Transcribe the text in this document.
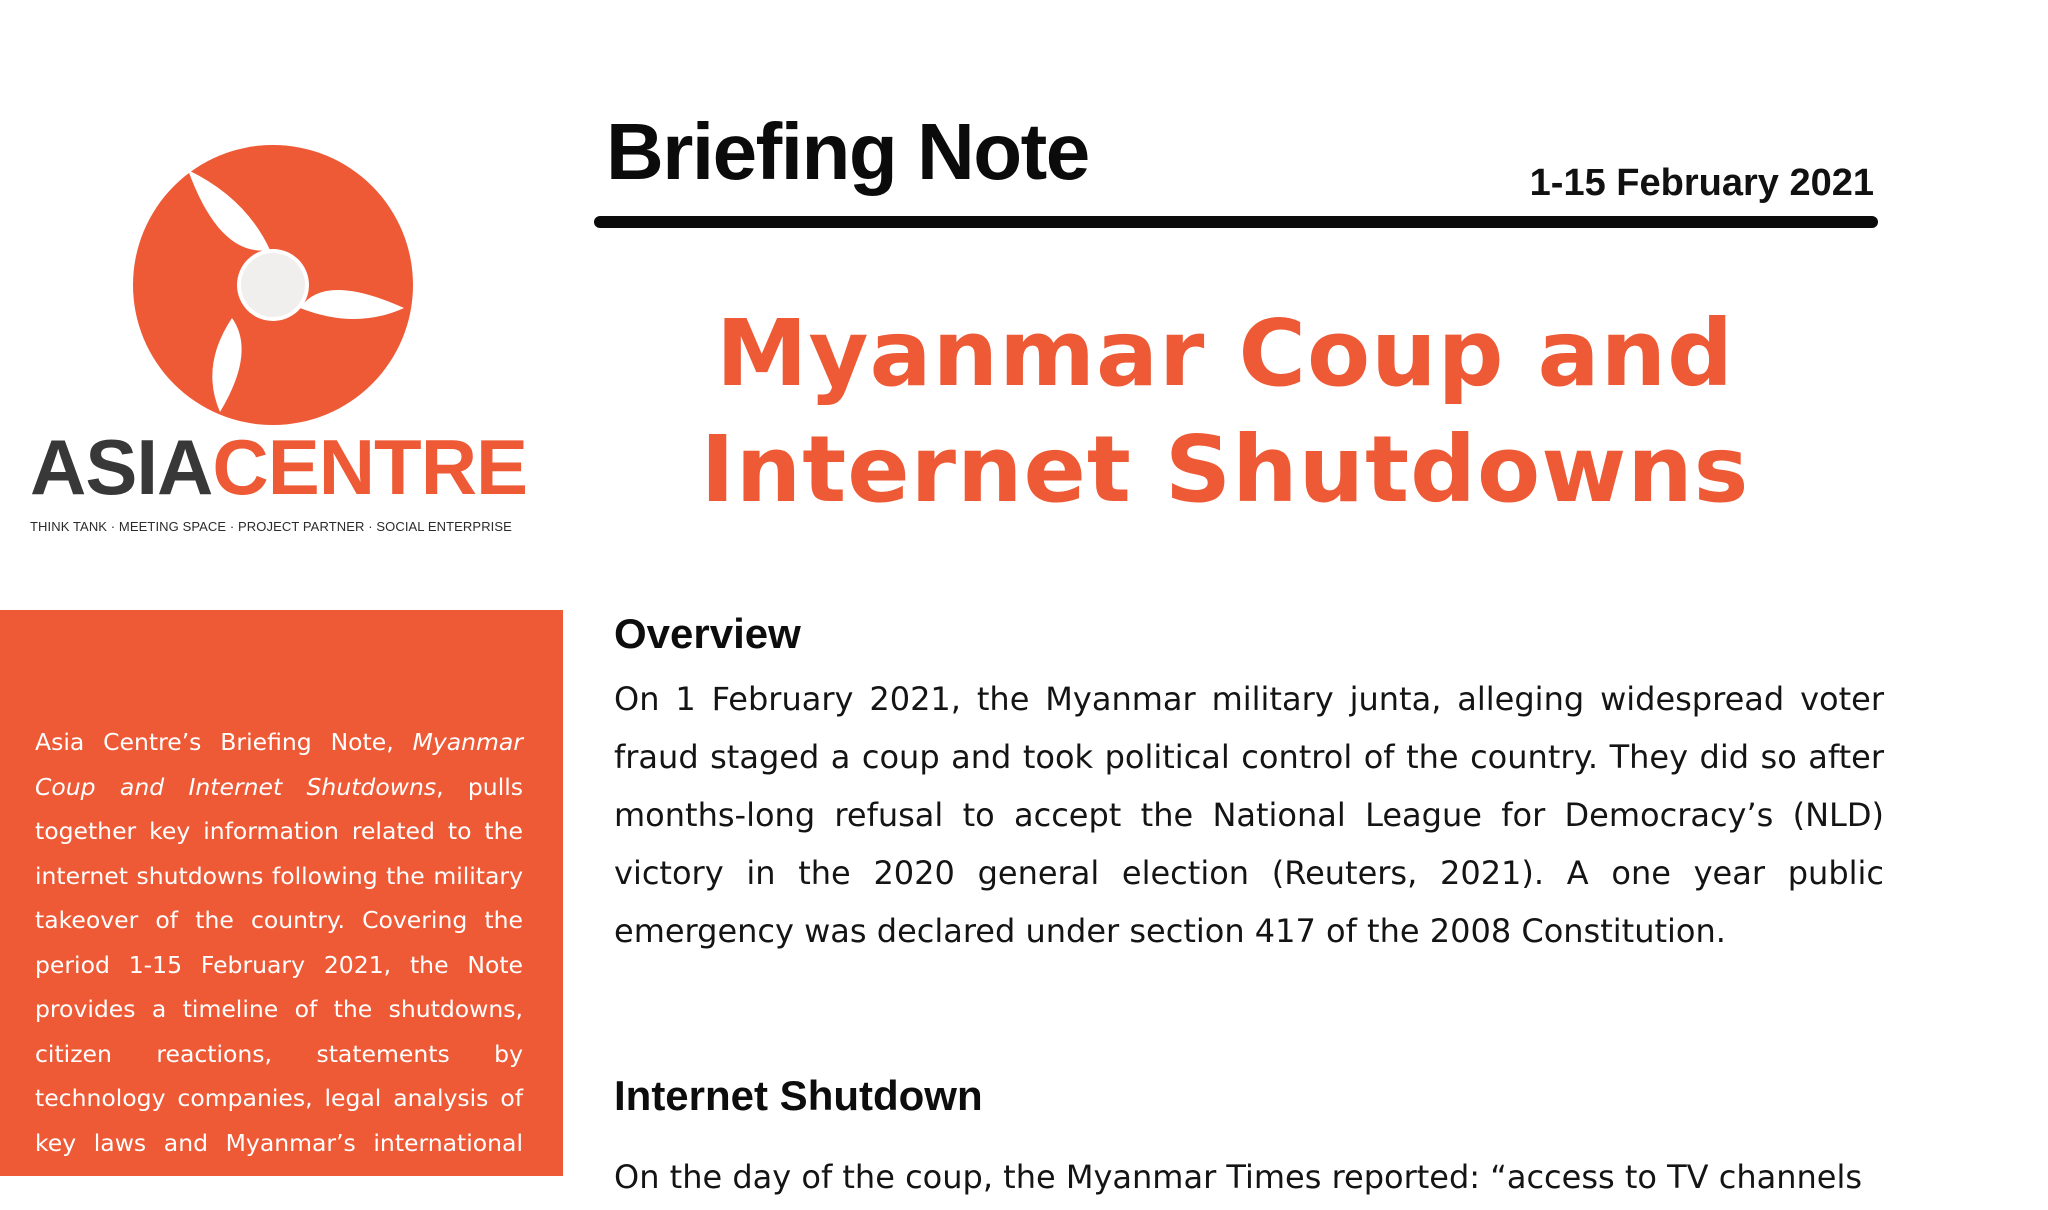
ASIACENTRE
THINK TANK · MEETING SPACE · PROJECT PARTNER · SOCIAL ENTERPRISE

Asia Centre’s Briefing Note, Myanmar Coup and Internet Shutdowns, pulls together key information related to the internet shutdowns following the military takeover of the country. Covering the period 1-15 February 2021, the Note provides a timeline of the shutdowns, citizen reactions, statements by technology companies, legal analysis of key laws and Myanmar’s international human rights obligations. Asia Centre

Briefing Note	1-15 February 2021

Myanmar Coup and
Internet Shutdowns
Overview

On 1 February 2021, the Myanmar military junta, alleging widespread voter fraud staged a coup and took political control of the country. They did so after months-long refusal to accept the National League for Democracy’s (NLD) victory in the 2020 general election (Reuters, 2021). A one year public emergency was declared under section 417 of the 2008 Constitution.

Internet Shutdown

On the day of the coup, the Myanmar Times reported: “access to TV channels
